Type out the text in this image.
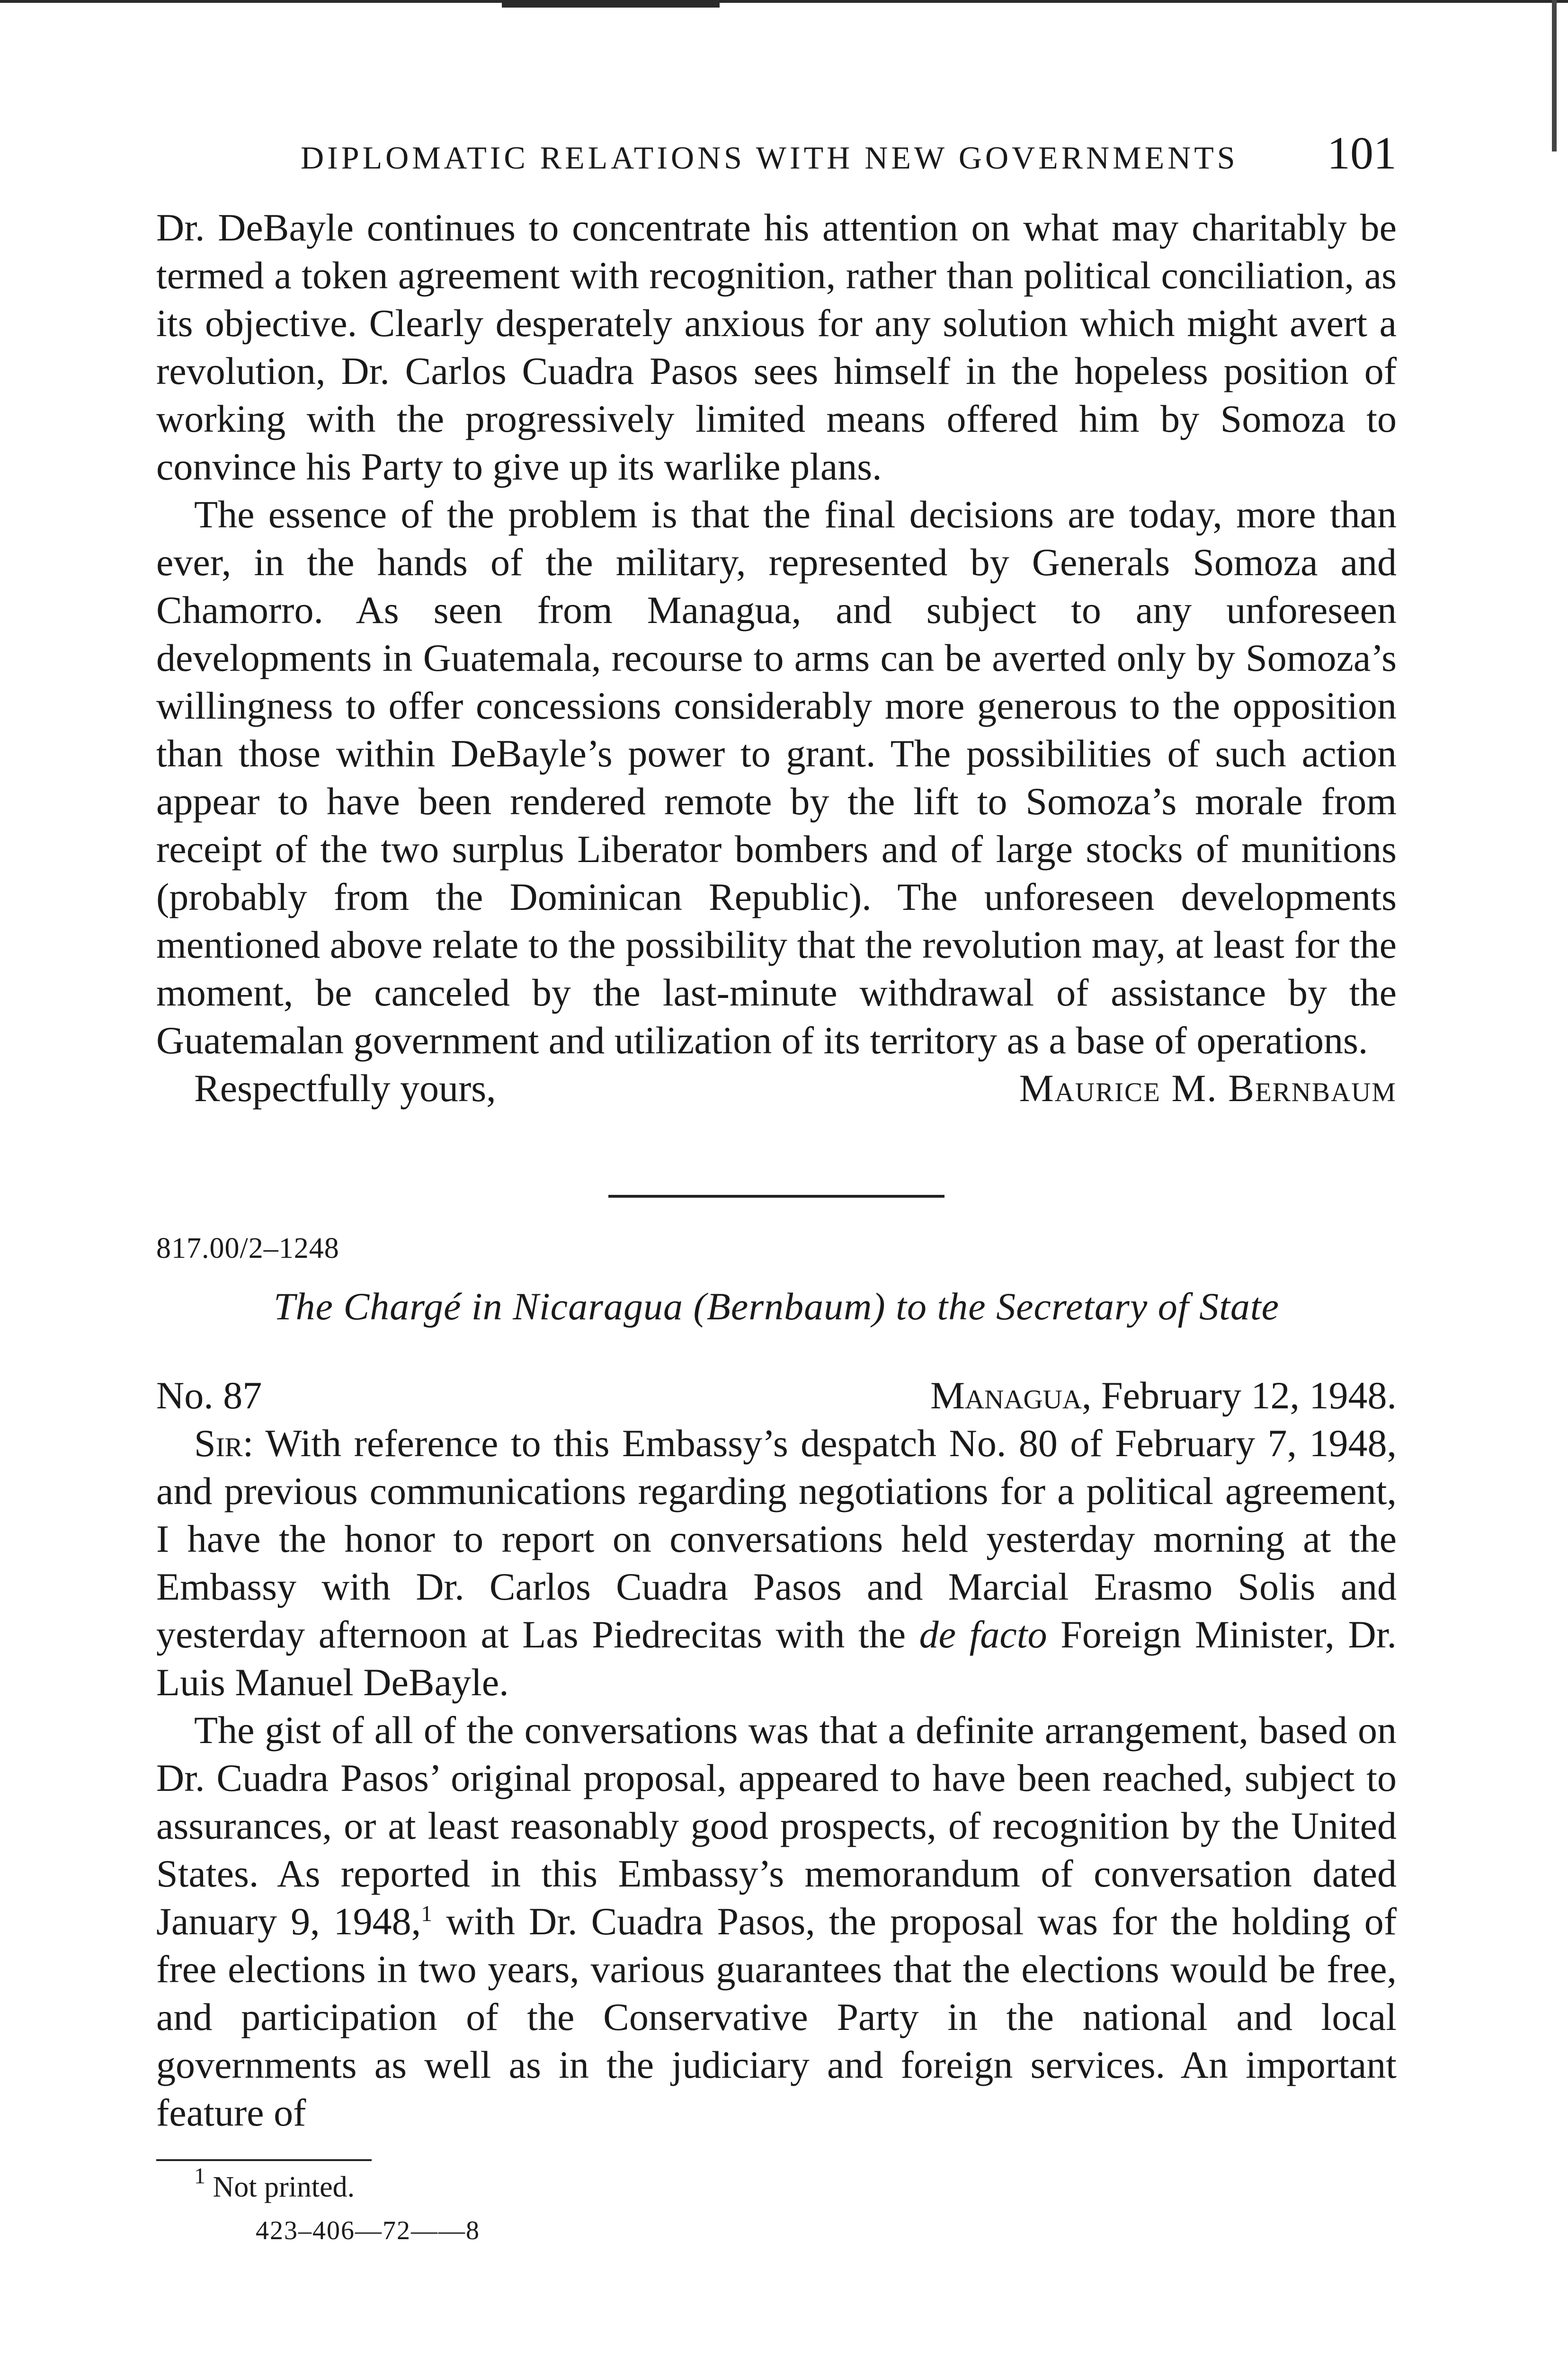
DIPLOMATIC RELATIONS WITH NEW GOVERNMENTS 101

Dr. DeBayle continues to concentrate his attention on what may charitably be termed a token agreement with recognition, rather than political conciliation, as its objective. Clearly desperately anxious for any solution which might avert a revolution, Dr. Carlos Cuadra Pasos sees himself in the hopeless position of working with the progressively limited means offered him by Somoza to convince his Party to give up its warlike plans.

The essence of the problem is that the final decisions are today, more than ever, in the hands of the military, represented by Generals Somoza and Chamorro. As seen from Managua, and subject to any unforeseen developments in Guatemala, recourse to arms can be averted only by Somoza’s willingness to offer concessions considerably more generous to the opposition than those within DeBayle’s power to grant. The possibilities of such action appear to have been rendered remote by the lift to Somoza’s morale from receipt of the two surplus Liberator bombers and of large stocks of munitions (probably from the Dominican Republic). The unforeseen developments mentioned above relate to the possibility that the revolution may, at least for the moment, be canceled by the last-minute withdrawal of assistance by the Guatemalan government and utilization of its territory as a base of operations.

Respectfully yours,	Maurice M. Bernbaum
817.00/2–1248
The Chargé in Nicaragua (Bernbaum) to the Secretary of State
No. 87	Managua, February 12, 1948.

Sir: With reference to this Embassy’s despatch No. 80 of February 7, 1948, and previous communications regarding negotiations for a political agreement, I have the honor to report on conversations held yesterday morning at the Embassy with Dr. Carlos Cuadra Pasos and Marcial Erasmo Solis and yesterday afternoon at Las Piedrecitas with the de facto Foreign Minister, Dr. Luis Manuel DeBayle.

The gist of all of the conversations was that a definite arrangement, based on Dr. Cuadra Pasos’ original proposal, appeared to have been reached, subject to assurances, or at least reasonably good prospects, of recognition by the United States. As reported in this Embassy’s memorandum of conversation dated January 9, 1948,$^1$ with Dr. Cuadra Pasos, the proposal was for the holding of free elections in two years, various guarantees that the elections would be free, and participation of the Conservative Party in the national and local governments as well as in the judiciary and foreign services. An important feature of

$^1$ Not printed.
423–406—72——8
